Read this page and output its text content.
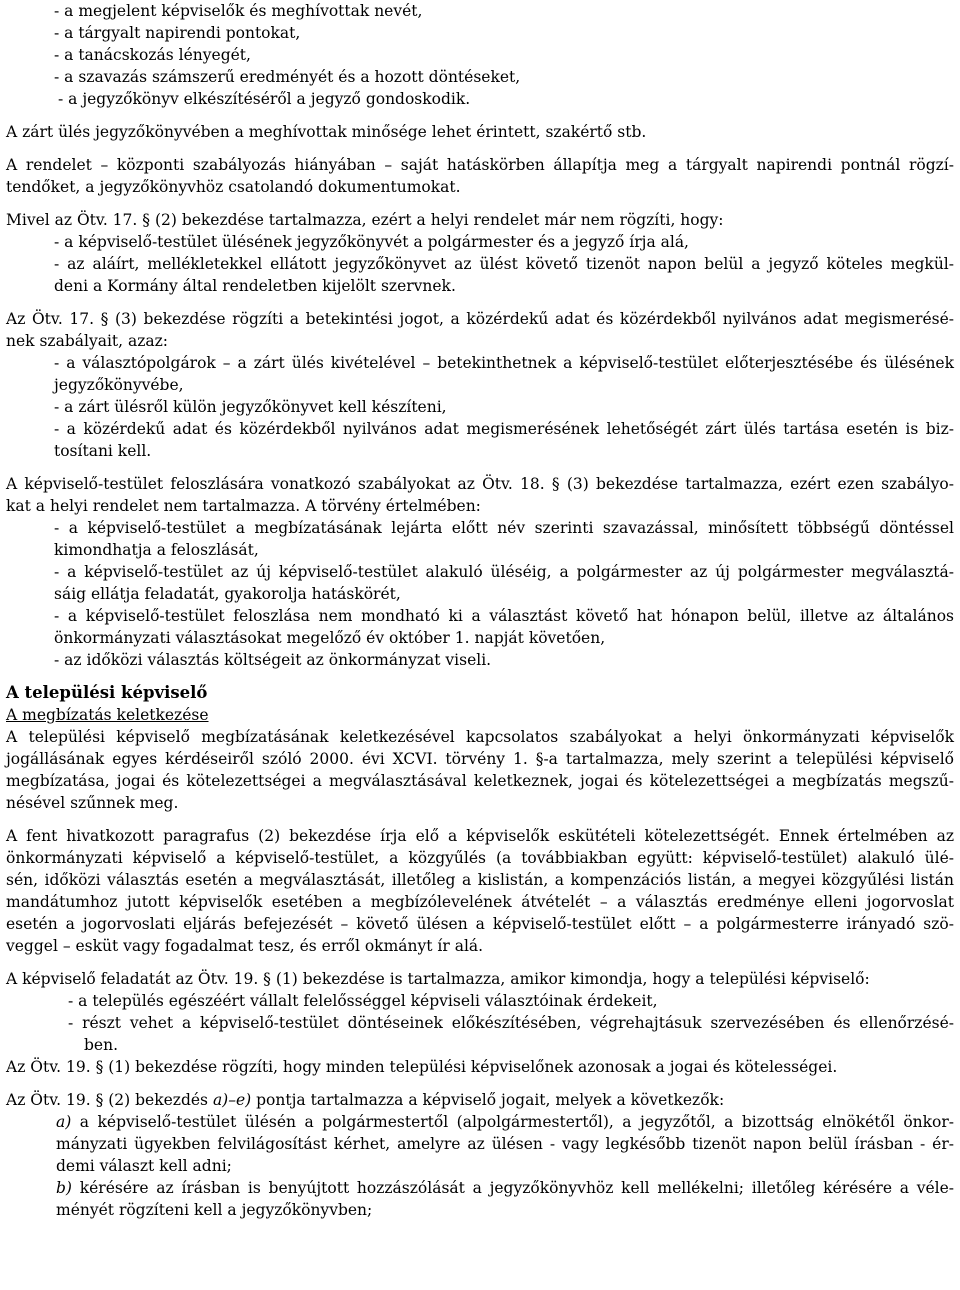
- a megjelent képviselők és meghívottak nevét,
- a tárgyalt napirendi pontokat,
- a tanácskozás lényegét,
- a szavazás számszerű eredményét és a hozott döntéseket,
- a jegyzőkönyv elkészítéséről a jegyző gondoskodik.
A zárt ülés jegyzőkönyvében a meghívottak minősége lehet érintett, szakértő stb.
A rendelet – központi szabályozás hiányában – saját hatáskörben állapítja meg a tárgyalt napirendi pontnál rögzí-
tendőket, a jegyzőkönyvhöz csatolandó dokumentumokat.
Mivel az Ötv. 17. § (2) bekezdése tartalmazza, ezért a helyi rendelet már nem rögzíti, hogy:
- a képviselő-testület ülésének jegyzőkönyvét a polgármester és a jegyző írja alá,
- az aláírt, mellékletekkel ellátott jegyzőkönyvet az ülést követő tizenöt napon belül a jegyző köteles megkül-
deni a Kormány által rendeletben kijelölt szervnek.
Az Ötv. 17. § (3) bekezdése rögzíti a betekintési jogot, a közérdekű adat és közérdekből nyilvános adat megismerésé-
nek szabályait, azaz:
- a választópolgárok – a zárt ülés kivételével – betekinthetnek a képviselő-testület előterjesztésébe és ülésének
jegyzőkönyvébe,
- a zárt ülésről külön jegyzőkönyvet kell készíteni,
- a közérdekű adat és közérdekből nyilvános adat megismerésének lehetőségét zárt ülés tartása esetén is biz-
tosítani kell.
A képviselő-testület feloszlására vonatkozó szabályokat az Ötv. 18. § (3) bekezdése tartalmazza, ezért ezen szabályo-
kat a helyi rendelet nem tartalmazza. A törvény értelmében:
- a képviselő-testület a megbízatásának lejárta előtt név szerinti szavazással, minősített többségű döntéssel
kimondhatja a feloszlását,
- a képviselő-testület az új képviselő-testület alakuló üléséig, a polgármester az új polgármester megválasztá-
sáig ellátja feladatát, gyakorolja hatáskörét,
- a képviselő-testület feloszlása nem mondható ki a választást követő hat hónapon belül, illetve az általános
önkormányzati választásokat megelőző év október 1. napját követően,
- az időközi választás költségeit az önkormányzat viseli.
A települési képviselő
A megbízatás keletkezése
A települési képviselő megbízatásának keletkezésével kapcsolatos szabályokat a helyi önkormányzati képviselők
jogállásának egyes kérdéseiről szóló 2000. évi XCVI. törvény 1. §-a tartalmazza, mely szerint a települési képviselő
megbízatása, jogai és kötelezettségei a megválasztásával keletkeznek, jogai és kötelezettségei a megbízatás megszű-
nésével szűnnek meg.
A fent hivatkozott paragrafus (2) bekezdése írja elő a képviselők eskütételi kötelezettségét. Ennek értelmében az
önkormányzati képviselő a képviselő-testület, a közgyűlés (a továbbiakban együtt: képviselő-testület) alakuló ülé-
sén, időközi választás esetén a megválasztását, illetőleg a kislistán, a kompenzációs listán, a megyei közgyűlési listán
mandátumhoz jutott képviselők esetében a megbízólevelének átvételét – a választás eredménye elleni jogorvoslat
esetén a jogorvoslati eljárás befejezését – követő ülésen a képviselő-testület előtt – a polgármesterre irányadó szö-
veggel – esküt vagy fogadalmat tesz, és erről okmányt ír alá.
A képviselő feladatát az Ötv. 19. § (1) bekezdése is tartalmazza, amikor kimondja, hogy a települési képviselő:
- a település egészéért vállalt felelősséggel képviseli választóinak érdekeit,
- részt vehet a képviselő-testület döntéseinek előkészítésében, végrehajtásuk szervezésében és ellenőrzésé-
ben.
Az Ötv. 19. § (1) bekezdése rögzíti, hogy minden települési képviselőnek azonosak a jogai és kötelességei.
Az Ötv. 19. § (2) bekezdés a)–e) pontja tartalmazza a képviselő jogait, melyek a következők:
a) a képviselő-testület ülésén a polgármestertől (alpolgármestertől), a jegyzőtől, a bizottság elnökétől önkor-
mányzati ügyekben felvilágosítást kérhet, amelyre az ülésen - vagy legkésőbb tizenöt napon belül írásban - ér-
demi választ kell adni;
b) kérésére az írásban is benyújtott hozzászólását a jegyzőkönyvhöz kell mellékelni; illetőleg kérésére a véle-
ményét rögzíteni kell a jegyzőkönyvben;
